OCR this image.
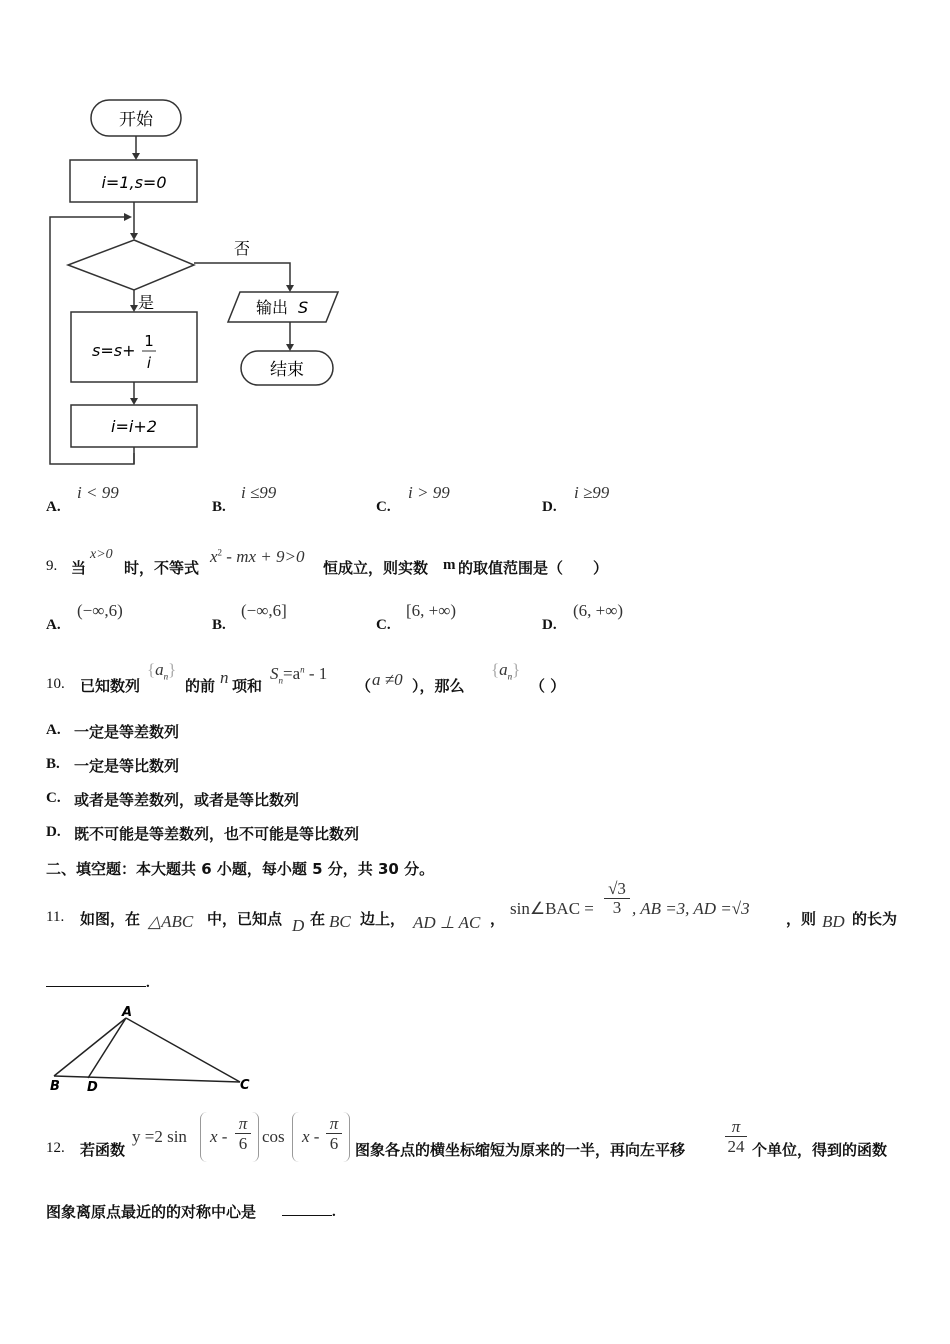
开始
i=1,s=0
否
是
s=s+ 1
i
i=i+2
输出 S
结束
A.
i < 99
B.
i ≤99
C.
i > 99
D.
i ≥99
9. 当
x>0
时，不等式
$x^2$ - mx + 9>0
恒成立，则实数 m 的取值范围是（　　）
A.
(−∞,6)
B.
(−∞,6]
C.
[6, +∞)
D.
(6, +∞)
10. 已知数列
$\{a_n\}$
的前 n 项和
$S_n=a^n - 1$
（ a ≠0 ），那么
$\{a_n\}$
（ ）
A. 一定是等差数列
B. 一定是等比数列
C. 或者是等差数列，或者是等比数列
D. 既不可能是等差数列，也不可能是等比数列
二、填空题：本大题共 6 小题，每小题 5 分，共 30 分。
11. 如图，在 △ABC 中，已知点 D 在 BC 边上， AD ⊥ AC ，
sin∠BAC =
√3
3 , AB =3, AD =√3
，则 BD 的长为
.
A
B D	C
12. 若函数
y =2 sin x -
π
6 cos x -
π
6 图象各点的横坐标缩短为原来的一半，再向左平移
π
24 个单位，得到的函数
图象离原点最近的的对称中心是	.
